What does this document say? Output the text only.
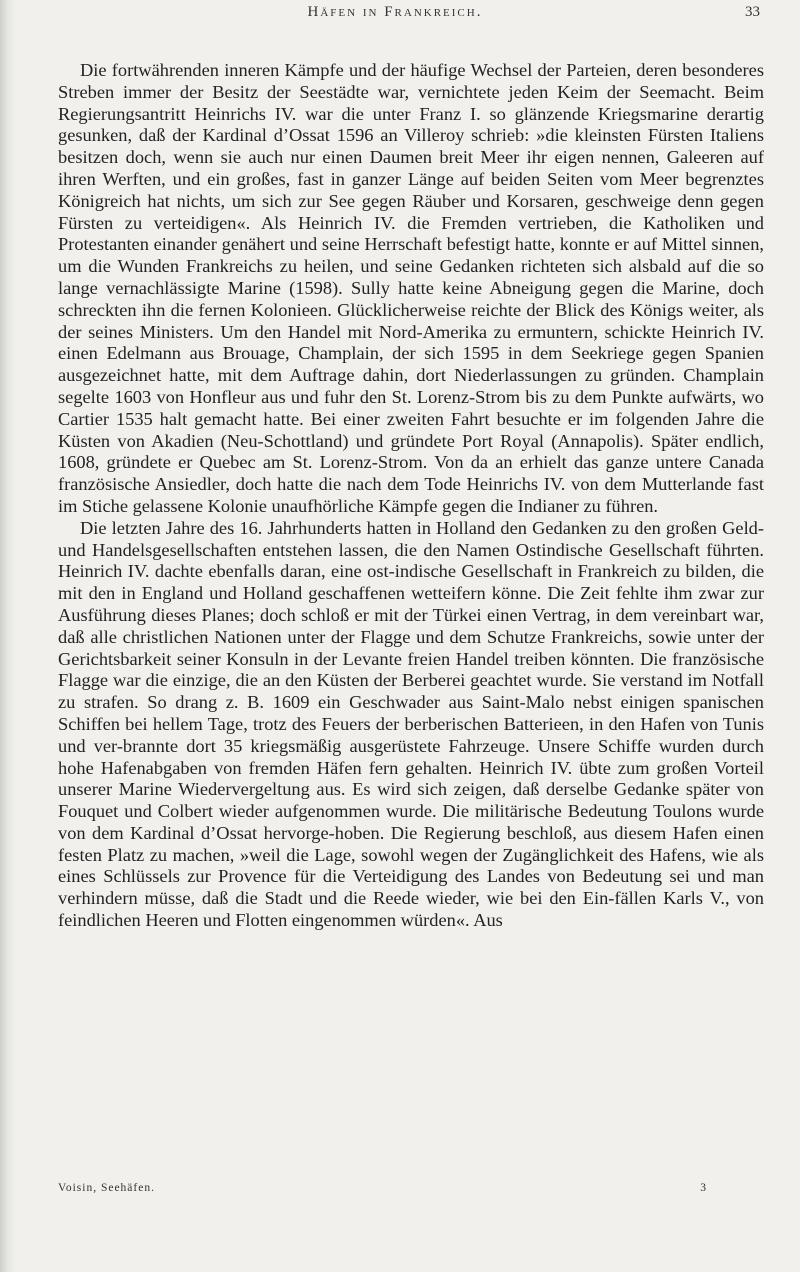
Häfen in Frankreich.	33

Die fortwährenden inneren Kämpfe und der häufige Wechsel der Parteien, deren besonderes Streben immer der Besitz der Seestädte war, vernichtete jeden Keim der Seemacht. Beim Regierungsantritt Heinrichs IV. war die unter Franz I. so glänzende Kriegsmarine derartig gesunken, daß der Kardinal d’Ossat 1596 an Villeroy schrieb: »die kleinsten Fürsten Italiens besitzen doch, wenn sie auch nur einen Daumen breit Meer ihr eigen nennen, Galeeren auf ihren Werften, und ein großes, fast in ganzer Länge auf beiden Seiten vom Meer begrenztes Königreich hat nichts, um sich zur See gegen Räuber und Korsaren, geschweige denn gegen Fürsten zu verteidigen«. Als Heinrich IV. die Fremden vertrieben, die Katholiken und Protestanten einander genähert und seine Herrschaft befestigt hatte, konnte er auf Mittel sinnen, um die Wunden Frankreichs zu heilen, und seine Gedanken richteten sich alsbald auf die so lange vernachlässigte Marine (1598). Sully hatte keine Abneigung gegen die Marine, doch schreckten ihn die fernen Kolonieen. Glücklicherweise reichte der Blick des Königs weiter, als der seines Ministers. Um den Handel mit Nord-Amerika zu ermuntern, schickte Heinrich IV. einen Edelmann aus Brouage, Champlain, der sich 1595 in dem Seekriege gegen Spanien ausgezeichnet hatte, mit dem Auftrage dahin, dort Niederlassungen zu gründen. Champlain segelte 1603 von Honfleur aus und fuhr den St. Lorenz-Strom bis zu dem Punkte aufwärts, wo Cartier 1535 halt gemacht hatte. Bei einer zweiten Fahrt besuchte er im folgenden Jahre die Küsten von Akadien (Neu-Schottland) und gründete Port Royal (Annapolis). Später endlich, 1608, gründete er Quebec am St. Lorenz-Strom. Von da an erhielt das ganze untere Canada französische Ansiedler, doch hatte die nach dem Tode Heinrichs IV. von dem Mutterlande fast im Stiche gelassene Kolonie unaufhörliche Kämpfe gegen die Indianer zu führen.

Die letzten Jahre des 16. Jahrhunderts hatten in Holland den Gedanken zu den großen Geld- und Handelsgesellschaften entstehen lassen, die den Namen Ostindische Gesellschaft führten. Heinrich IV. dachte ebenfalls daran, eine ost-indische Gesellschaft in Frankreich zu bilden, die mit den in England und Holland geschaffenen wetteifern könne. Die Zeit fehlte ihm zwar zur Ausführung dieses Planes; doch schloß er mit der Türkei einen Vertrag, in dem vereinbart war, daß alle christlichen Nationen unter der Flagge und dem Schutze Frankreichs, sowie unter der Gerichtsbarkeit seiner Konsuln in der Levante freien Handel treiben könnten. Die französische Flagge war die einzige, die an den Küsten der Berberei geachtet wurde. Sie verstand im Notfall zu strafen. So drang z. B. 1609 ein Geschwader aus Saint-Malo nebst einigen spanischen Schiffen bei hellem Tage, trotz des Feuers der berberischen Batterieen, in den Hafen von Tunis und ver-brannte dort 35 kriegsmäßig ausgerüstete Fahrzeuge. Unsere Schiffe wurden durch hohe Hafenabgaben von fremden Häfen fern gehalten. Heinrich IV. übte zum großen Vorteil unserer Marine Wiedervergeltung aus. Es wird sich zeigen, daß derselbe Gedanke später von Fouquet und Colbert wieder aufgenommen wurde. Die militärische Bedeutung Toulons wurde von dem Kardinal d’Ossat hervorge-hoben. Die Regierung beschloß, aus diesem Hafen einen festen Platz zu machen, »weil die Lage, sowohl wegen der Zugänglichkeit des Hafens, wie als eines Schlüssels zur Provence für die Verteidigung des Landes von Bedeutung sei und man verhindern müsse, daß die Stadt und die Reede wieder, wie bei den Ein-fällen Karls V., von feindlichen Heeren und Flotten eingenommen würden«. Aus

Voisin, Seehäfen.	3
